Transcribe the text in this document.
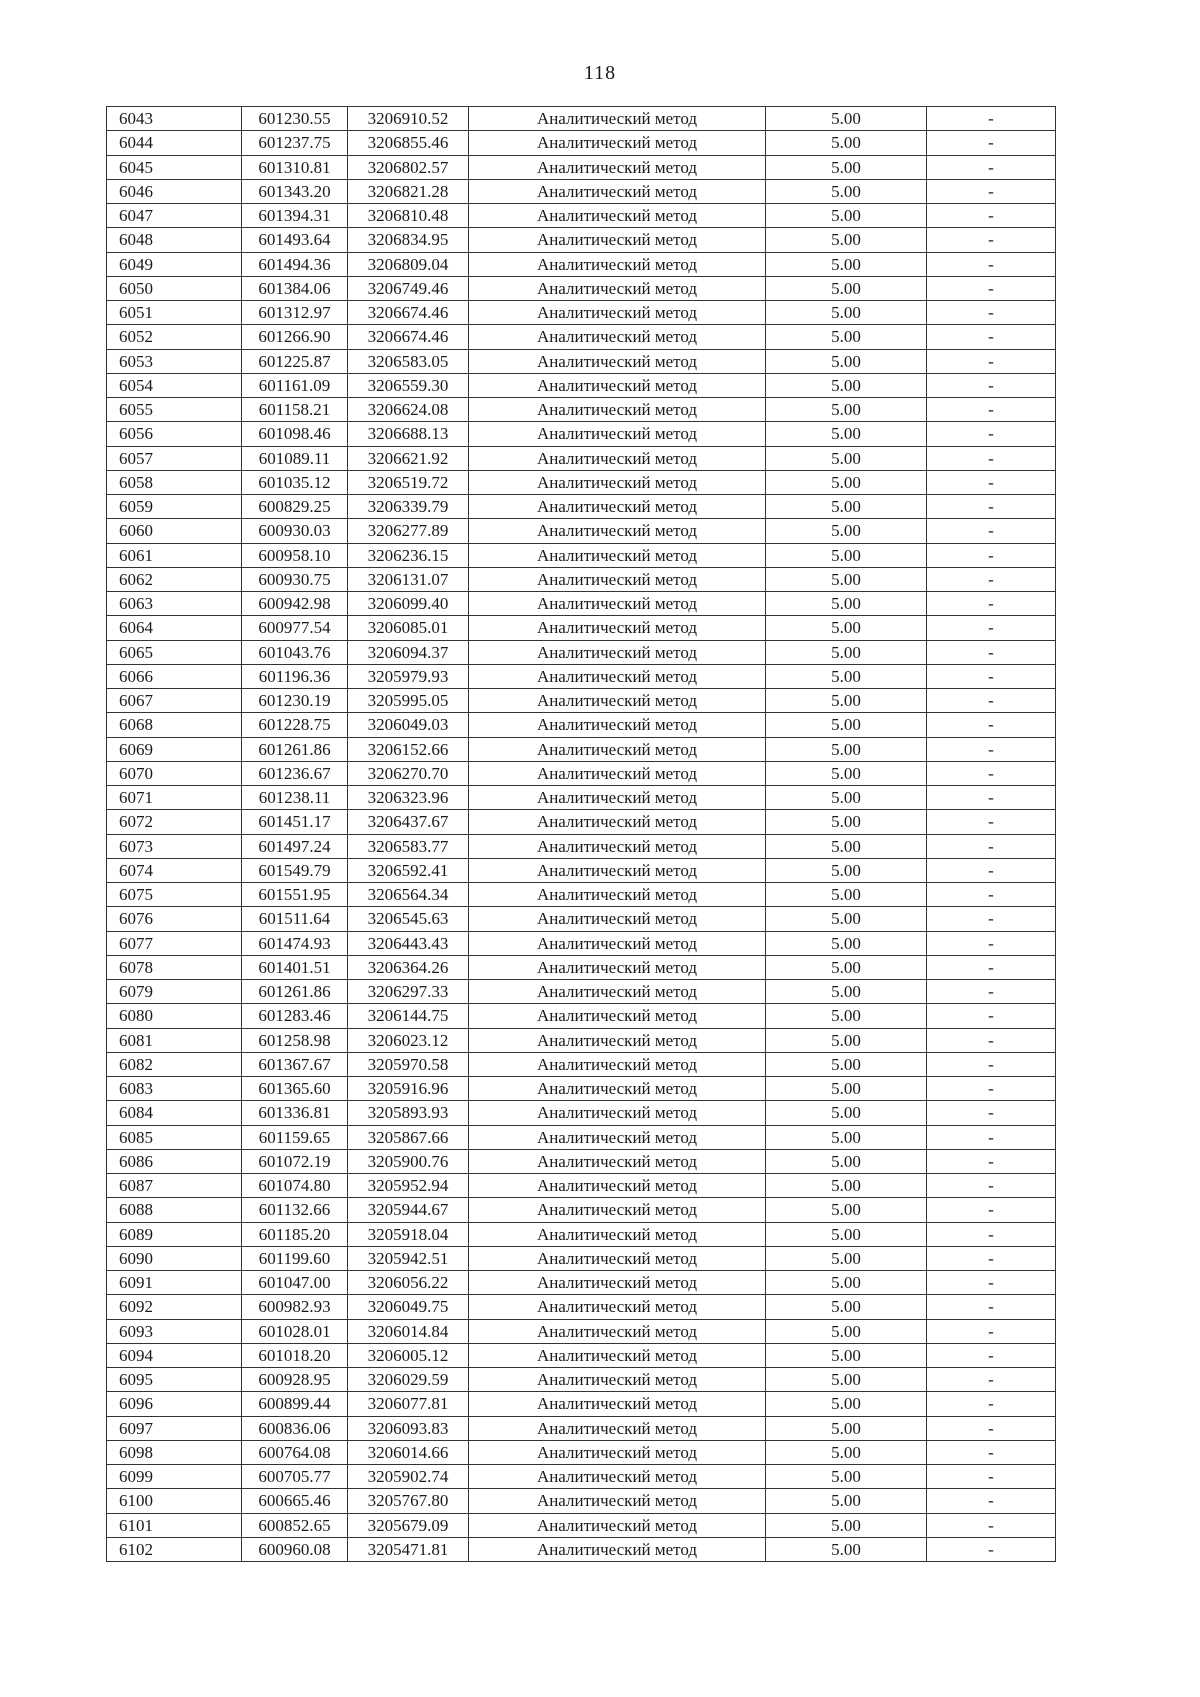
118
6043	601230.55	3206910.52	Аналитический метод	5.00	-
6044	601237.75	3206855.46	Аналитический метод	5.00	-
6045	601310.81	3206802.57	Аналитический метод	5.00	-
6046	601343.20	3206821.28	Аналитический метод	5.00	-
6047	601394.31	3206810.48	Аналитический метод	5.00	-
6048	601493.64	3206834.95	Аналитический метод	5.00	-
6049	601494.36	3206809.04	Аналитический метод	5.00	-
6050	601384.06	3206749.46	Аналитический метод	5.00	-
6051	601312.97	3206674.46	Аналитический метод	5.00	-
6052	601266.90	3206674.46	Аналитический метод	5.00	-
6053	601225.87	3206583.05	Аналитический метод	5.00	-
6054	601161.09	3206559.30	Аналитический метод	5.00	-
6055	601158.21	3206624.08	Аналитический метод	5.00	-
6056	601098.46	3206688.13	Аналитический метод	5.00	-
6057	601089.11	3206621.92	Аналитический метод	5.00	-
6058	601035.12	3206519.72	Аналитический метод	5.00	-
6059	600829.25	3206339.79	Аналитический метод	5.00	-
6060	600930.03	3206277.89	Аналитический метод	5.00	-
6061	600958.10	3206236.15	Аналитический метод	5.00	-
6062	600930.75	3206131.07	Аналитический метод	5.00	-
6063	600942.98	3206099.40	Аналитический метод	5.00	-
6064	600977.54	3206085.01	Аналитический метод	5.00	-
6065	601043.76	3206094.37	Аналитический метод	5.00	-
6066	601196.36	3205979.93	Аналитический метод	5.00	-
6067	601230.19	3205995.05	Аналитический метод	5.00	-
6068	601228.75	3206049.03	Аналитический метод	5.00	-
6069	601261.86	3206152.66	Аналитический метод	5.00	-
6070	601236.67	3206270.70	Аналитический метод	5.00	-
6071	601238.11	3206323.96	Аналитический метод	5.00	-
6072	601451.17	3206437.67	Аналитический метод	5.00	-
6073	601497.24	3206583.77	Аналитический метод	5.00	-
6074	601549.79	3206592.41	Аналитический метод	5.00	-
6075	601551.95	3206564.34	Аналитический метод	5.00	-
6076	601511.64	3206545.63	Аналитический метод	5.00	-
6077	601474.93	3206443.43	Аналитический метод	5.00	-
6078	601401.51	3206364.26	Аналитический метод	5.00	-
6079	601261.86	3206297.33	Аналитический метод	5.00	-
6080	601283.46	3206144.75	Аналитический метод	5.00	-
6081	601258.98	3206023.12	Аналитический метод	5.00	-
6082	601367.67	3205970.58	Аналитический метод	5.00	-
6083	601365.60	3205916.96	Аналитический метод	5.00	-
6084	601336.81	3205893.93	Аналитический метод	5.00	-
6085	601159.65	3205867.66	Аналитический метод	5.00	-
6086	601072.19	3205900.76	Аналитический метод	5.00	-
6087	601074.80	3205952.94	Аналитический метод	5.00	-
6088	601132.66	3205944.67	Аналитический метод	5.00	-
6089	601185.20	3205918.04	Аналитический метод	5.00	-
6090	601199.60	3205942.51	Аналитический метод	5.00	-
6091	601047.00	3206056.22	Аналитический метод	5.00	-
6092	600982.93	3206049.75	Аналитический метод	5.00	-
6093	601028.01	3206014.84	Аналитический метод	5.00	-
6094	601018.20	3206005.12	Аналитический метод	5.00	-
6095	600928.95	3206029.59	Аналитический метод	5.00	-
6096	600899.44	3206077.81	Аналитический метод	5.00	-
6097	600836.06	3206093.83	Аналитический метод	5.00	-
6098	600764.08	3206014.66	Аналитический метод	5.00	-
6099	600705.77	3205902.74	Аналитический метод	5.00	-
6100	600665.46	3205767.80	Аналитический метод	5.00	-
6101	600852.65	3205679.09	Аналитический метод	5.00	-
6102	600960.08	3205471.81	Аналитический метод	5.00	-
